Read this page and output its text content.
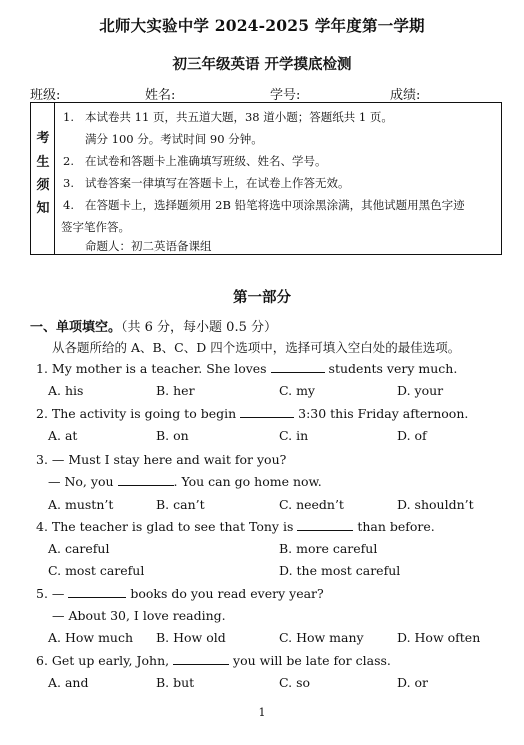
北师大实验中学 2024-2025 学年度第一学期
初三年级英语 开学摸底检测
班级:	姓名:	学号:	成绩:
考
生
须
知
1. 本试卷共 11 页，共五道大题，38 道小题；答题纸共 1 页。
满分 100 分。考试时间 90 分钟。
2. 在试卷和答题卡上准确填写班级、姓名、学号。
3. 试卷答案一律填写在答题卡上，在试卷上作答无效。
4. 在答题卡上，选择题须用 2B 铅笔将选中项涂黑涂满，其他试题用黑色字迹
签字笔作答。
命题人：初二英语备课组
第一部分
一、单项填空。（共 6 分，每小题 0.5 分）
从各题所给的 A、B、C、D 四个选项中，选择可填入空白处的最佳选项。
1. My mother is a teacher. She loves	students very much.
A. his	B. her	C. my	D. your
2. The activity is going to begin	3:30 this Friday afternoon.
A. at	B. on	C. in	D. of
3. — Must I stay here and wait for you?
— No, you	. You can go home now.
A. mustn’t	B. can’t	C. needn’t	D. shouldn’t
4. The teacher is glad to see that Tony is	than before.
A. careful	B. more careful
C. most careful	D. the most careful
5. —	books do you read every year?
— About 30, I love reading.
A. How much B. How old	C. How many	D. How often
6. Get up early, John,	you will be late for class.
A. and	B. but	C. so	D. or
1
